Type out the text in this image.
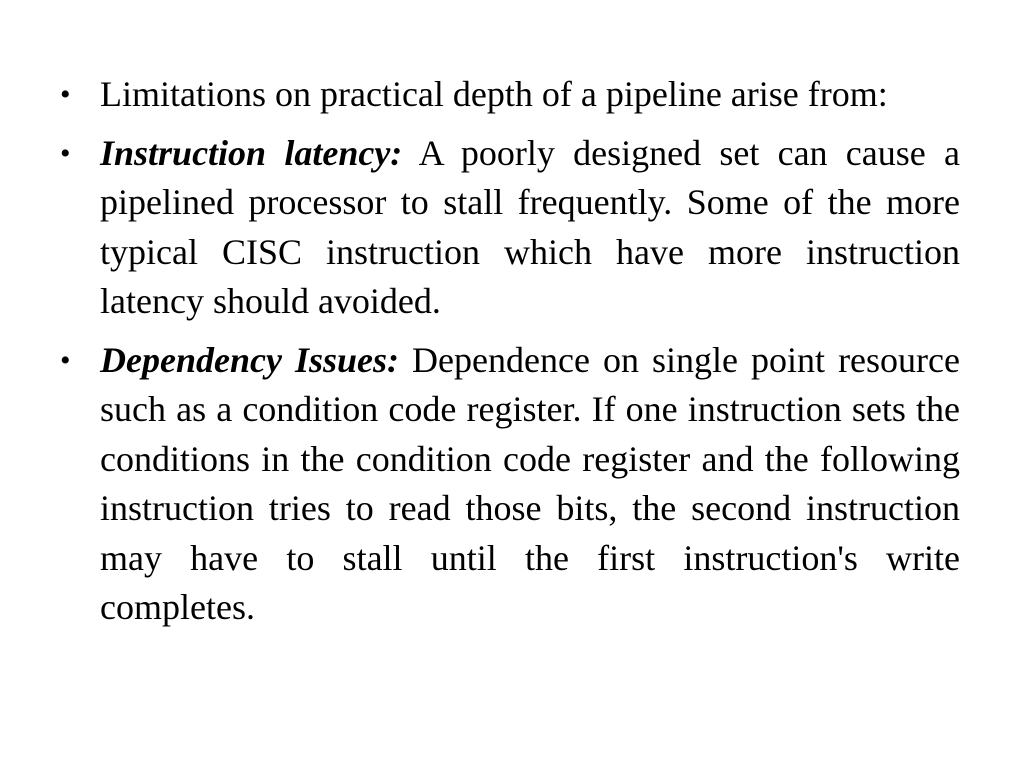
• Limitations on practical depth of a pipeline arise from:
• Instruction latency: A poorly designed set can cause a pipelined processor to stall frequently. Some of the more typical CISC instruction which have more instruction latency should avoided.
• Dependency Issues: Dependence on single point resource such as a condition code register. If one instruction sets the conditions in the condition code register and the following instruction tries to read those bits, the second instruction may have to stall until the first instruction's write completes.
